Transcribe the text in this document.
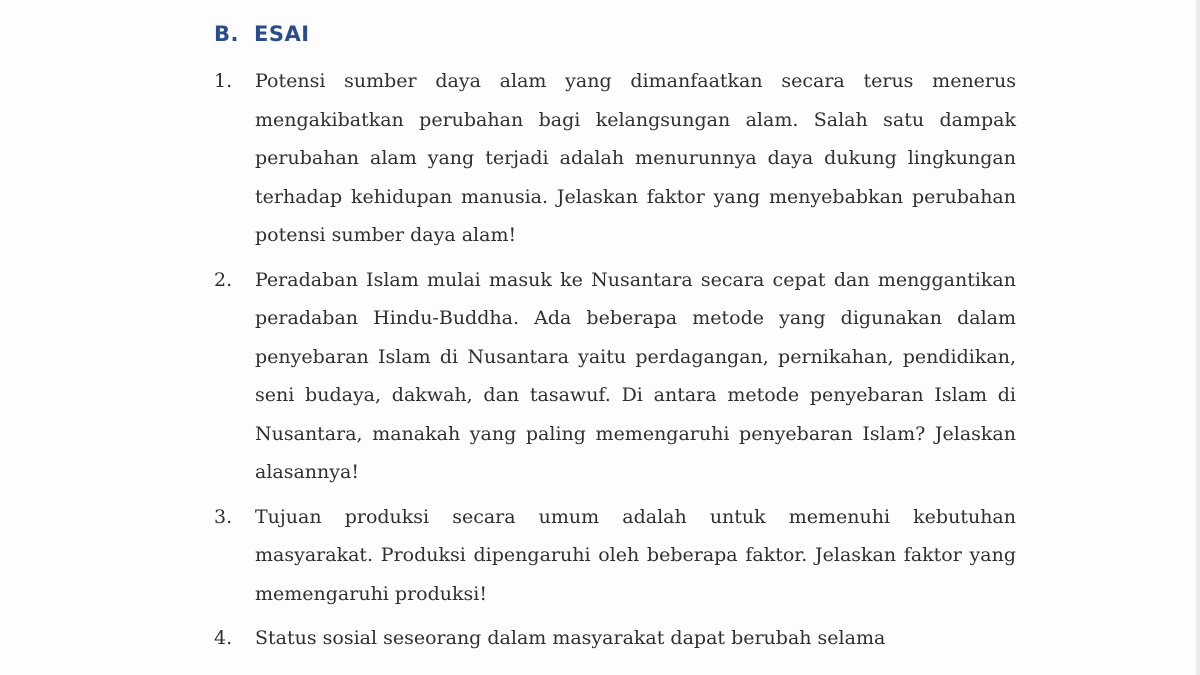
B. ESAI
1. Potensi sumber daya alam yang dimanfaatkan secara terus menerus mengakibatkan perubahan bagi kelangsungan alam. Salah satu dampak perubahan alam yang terjadi adalah menurunnya daya dukung lingkungan terhadap kehidupan manusia. Jelaskan faktor yang menyebabkan perubahan potensi sumber daya alam!
2. Peradaban Islam mulai masuk ke Nusantara secara cepat dan menggantikan peradaban Hindu-Buddha. Ada beberapa metode yang digunakan dalam penyebaran Islam di Nusantara yaitu perdagangan, pernikahan, pendidikan, seni budaya, dakwah, dan tasawuf. Di antara metode penyebaran Islam di Nusantara, manakah yang paling memengaruhi penyebaran Islam? Jelaskan alasannya!
3. Tujuan produksi secara umum adalah untuk memenuhi kebutuhan masyarakat. Produksi dipengaruhi oleh beberapa faktor. Jelaskan faktor yang memengaruhi produksi!
4. Status sosial seseorang dalam masyarakat dapat berubah selama
